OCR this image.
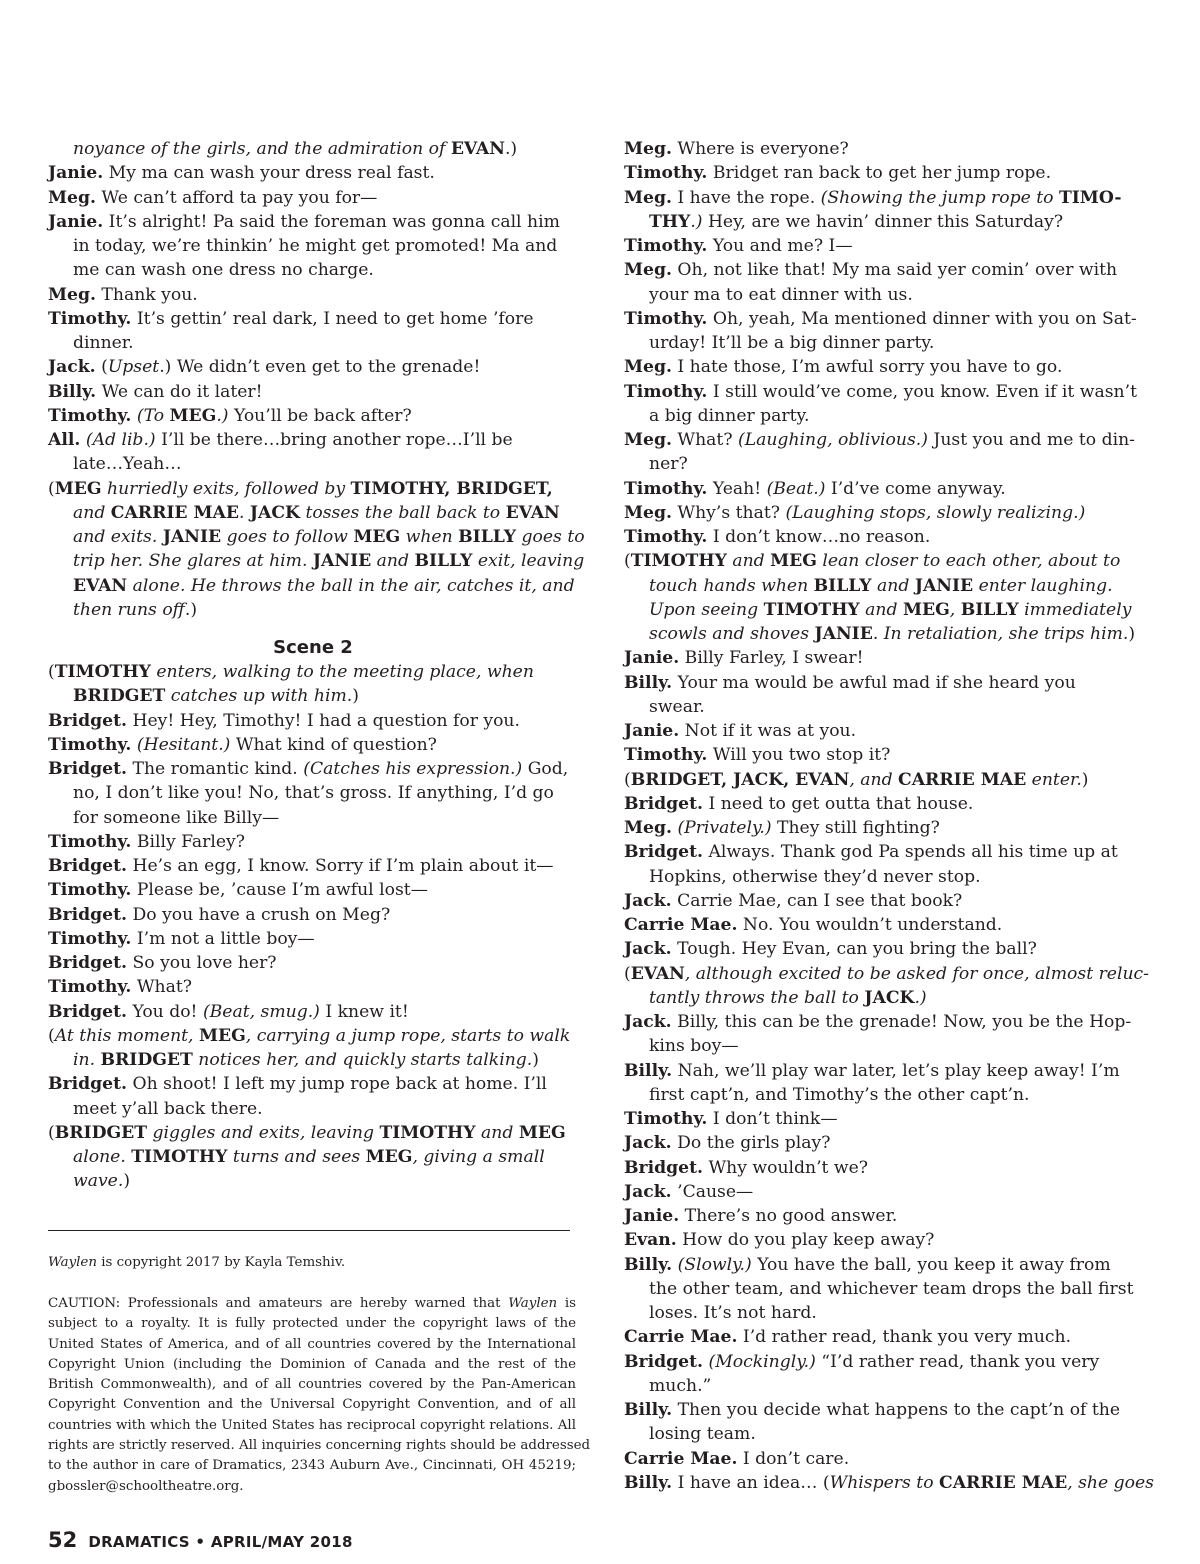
noyance of the girls, and the admiration of EVAN.)
Janie. My ma can wash your dress real fast.
Meg. We can’t afford ta pay you for—
Janie. It’s alright! Pa said the foreman was gonna call him
in today, we’re thinkin’ he might get promoted! Ma and
me can wash one dress no charge.
Meg. Thank you.
Timothy. It’s gettin’ real dark, I need to get home ’fore
dinner.
Jack. (Upset.) We didn’t even get to the grenade!
Billy. We can do it later!
Timothy. (To MEG.) You’ll be back after?
All. (Ad lib.) I’ll be there…bring another rope…I’ll be
late…Yeah…
(MEG hurriedly exits, followed by TIMOTHY, BRIDGET,
and CARRIE MAE. JACK tosses the ball back to EVAN
and exits. JANIE goes to follow MEG when BILLY goes to
trip her. She glares at him. JANIE and BILLY exit, leaving
EVAN alone. He throws the ball in the air, catches it, and
then runs off.)
Scene 2
(TIMOTHY enters, walking to the meeting place, when
BRIDGET catches up with him.)
Bridget. Hey! Hey, Timothy! I had a question for you.
Timothy. (Hesitant.) What kind of question?
Bridget. The romantic kind. (Catches his expression.) God,
no, I don’t like you! No, that’s gross. If anything, I’d go
for someone like Billy—
Timothy. Billy Farley?
Bridget. He’s an egg, I know. Sorry if I’m plain about it—
Timothy. Please be, ’cause I’m awful lost—
Bridget. Do you have a crush on Meg?
Timothy. I’m not a little boy—
Bridget. So you love her?
Timothy. What?
Bridget. You do! (Beat, smug.) I knew it!
(At this moment, MEG, carrying a jump rope, starts to walk
in. BRIDGET notices her, and quickly starts talking.)
Bridget. Oh shoot! I left my jump rope back at home. I’ll
meet y’all back there.
(BRIDGET giggles and exits, leaving TIMOTHY and MEG
alone. TIMOTHY turns and sees MEG, giving a small
wave.)
Meg. Where is everyone?
Timothy. Bridget ran back to get her jump rope.
Meg. I have the rope. (Showing the jump rope to TIMO-
THY.) Hey, are we havin’ dinner this Saturday?
Timothy. You and me? I—
Meg. Oh, not like that! My ma said yer comin’ over with
your ma to eat dinner with us.
Timothy. Oh, yeah, Ma mentioned dinner with you on Sat-
urday! It’ll be a big dinner party.
Meg. I hate those, I’m awful sorry you have to go.
Timothy. I still would’ve come, you know. Even if it wasn’t
a big dinner party.
Meg. What? (Laughing, oblivious.) Just you and me to din-
ner?
Timothy. Yeah! (Beat.) I’d’ve come anyway.
Meg. Why’s that? (Laughing stops, slowly realizing.)
Timothy. I don’t know…no reason.
(TIMOTHY and MEG lean closer to each other, about to
touch hands when BILLY and JANIE enter laughing.
Upon seeing TIMOTHY and MEG, BILLY immediately
scowls and shoves JANIE. In retaliation, she trips him.)
Janie. Billy Farley, I swear!
Billy. Your ma would be awful mad if she heard you
swear.
Janie. Not if it was at you.
Timothy. Will you two stop it?
(BRIDGET, JACK, EVAN, and CARRIE MAE enter.)
Bridget. I need to get outta that house.
Meg. (Privately.) They still fighting?
Bridget. Always. Thank god Pa spends all his time up at
Hopkins, otherwise they’d never stop.
Jack. Carrie Mae, can I see that book?
Carrie Mae. No. You wouldn’t understand.
Jack. Tough. Hey Evan, can you bring the ball?
(EVAN, although excited to be asked for once, almost reluc-
tantly throws the ball to JACK.)
Jack. Billy, this can be the grenade! Now, you be the Hop-
kins boy—
Billy. Nah, we’ll play war later, let’s play keep away! I’m
first capt’n, and Timothy’s the other capt’n.
Timothy. I don’t think—
Jack. Do the girls play?
Bridget. Why wouldn’t we?
Jack. ’Cause—
Janie. There’s no good answer.
Evan. How do you play keep away?
Billy. (Slowly.) You have the ball, you keep it away from
the other team, and whichever team drops the ball first
loses. It’s not hard.
Carrie Mae. I’d rather read, thank you very much.
Bridget. (Mockingly.) “I’d rather read, thank you very
much.”
Billy. Then you decide what happens to the capt’n of the
losing team.
Carrie Mae. I don’t care.
Billy. I have an idea… (Whispers to CARRIE MAE, she goes
Waylen is copyright 2017 by Kayla Temshiv.
CAUTION: Professionals and amateurs are hereby warned that Waylen is
subject to a royalty. It is fully protected under the copyright laws of the
United States of America, and of all countries covered by the International
Copyright Union (including the Dominion of Canada and the rest of the
British Commonwealth), and of all countries covered by the Pan-American
Copyright Convention and the Universal Copyright Convention, and of all
countries with which the United States has reciprocal copyright relations. All
rights are strictly reserved. All inquiries concerning rights should be addressed
to the author in care of Dramatics, 2343 Auburn Ave., Cincinnati, OH 45219;
gbossler@schooltheatre.org.
52 DRAMATICS • APRIL/MAY 2018
